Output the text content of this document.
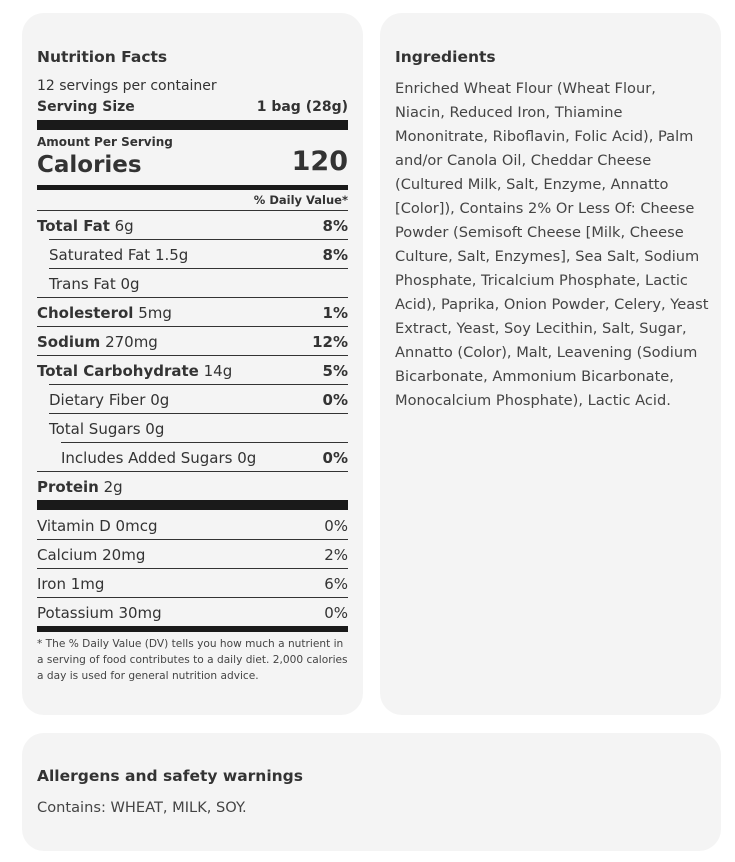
Nutrition Facts
12 servings per container
Serving Size	1 bag (28g)
Amount Per Serving
Calories	120
% Daily Value*
Total Fat 6g	8%
Saturated Fat 1.5g	8%
Trans Fat 0g
Cholesterol 5mg	1%
Sodium 270mg	12%
Total Carbohydrate 14g	5%
Dietary Fiber 0g	0%
Total Sugars 0g
Includes Added Sugars 0g	0%
Protein 2g
Vitamin D 0mcg	0%
Calcium 20mg	2%
Iron 1mg	6%
Potassium 30mg	0%
* The % Daily Value (DV) tells you how much a nutrient in a serving of food contributes to a daily diet. 2,000 calories a day is used for general nutrition advice.
Ingredients
Enriched Wheat Flour (Wheat Flour, Niacin, Reduced Iron, Thiamine Mononitrate, Riboflavin, Folic Acid), Palm and/or Canola Oil, Cheddar Cheese (Cultured Milk, Salt, Enzyme, Annatto [Color]), Contains 2% Or Less Of: Cheese Powder (Semisoft Cheese [Milk, Cheese Culture, Salt, Enzymes], Sea Salt, Sodium Phosphate, Tricalcium Phosphate, Lactic Acid), Paprika, Onion Powder, Celery, Yeast Extract, Yeast, Soy Lecithin, Salt, Sugar, Annatto (Color), Malt, Leavening (Sodium Bicarbonate, Ammonium Bicarbonate, Monocalcium Phosphate), Lactic Acid.
Allergens and safety warnings
Contains: WHEAT, MILK, SOY.
